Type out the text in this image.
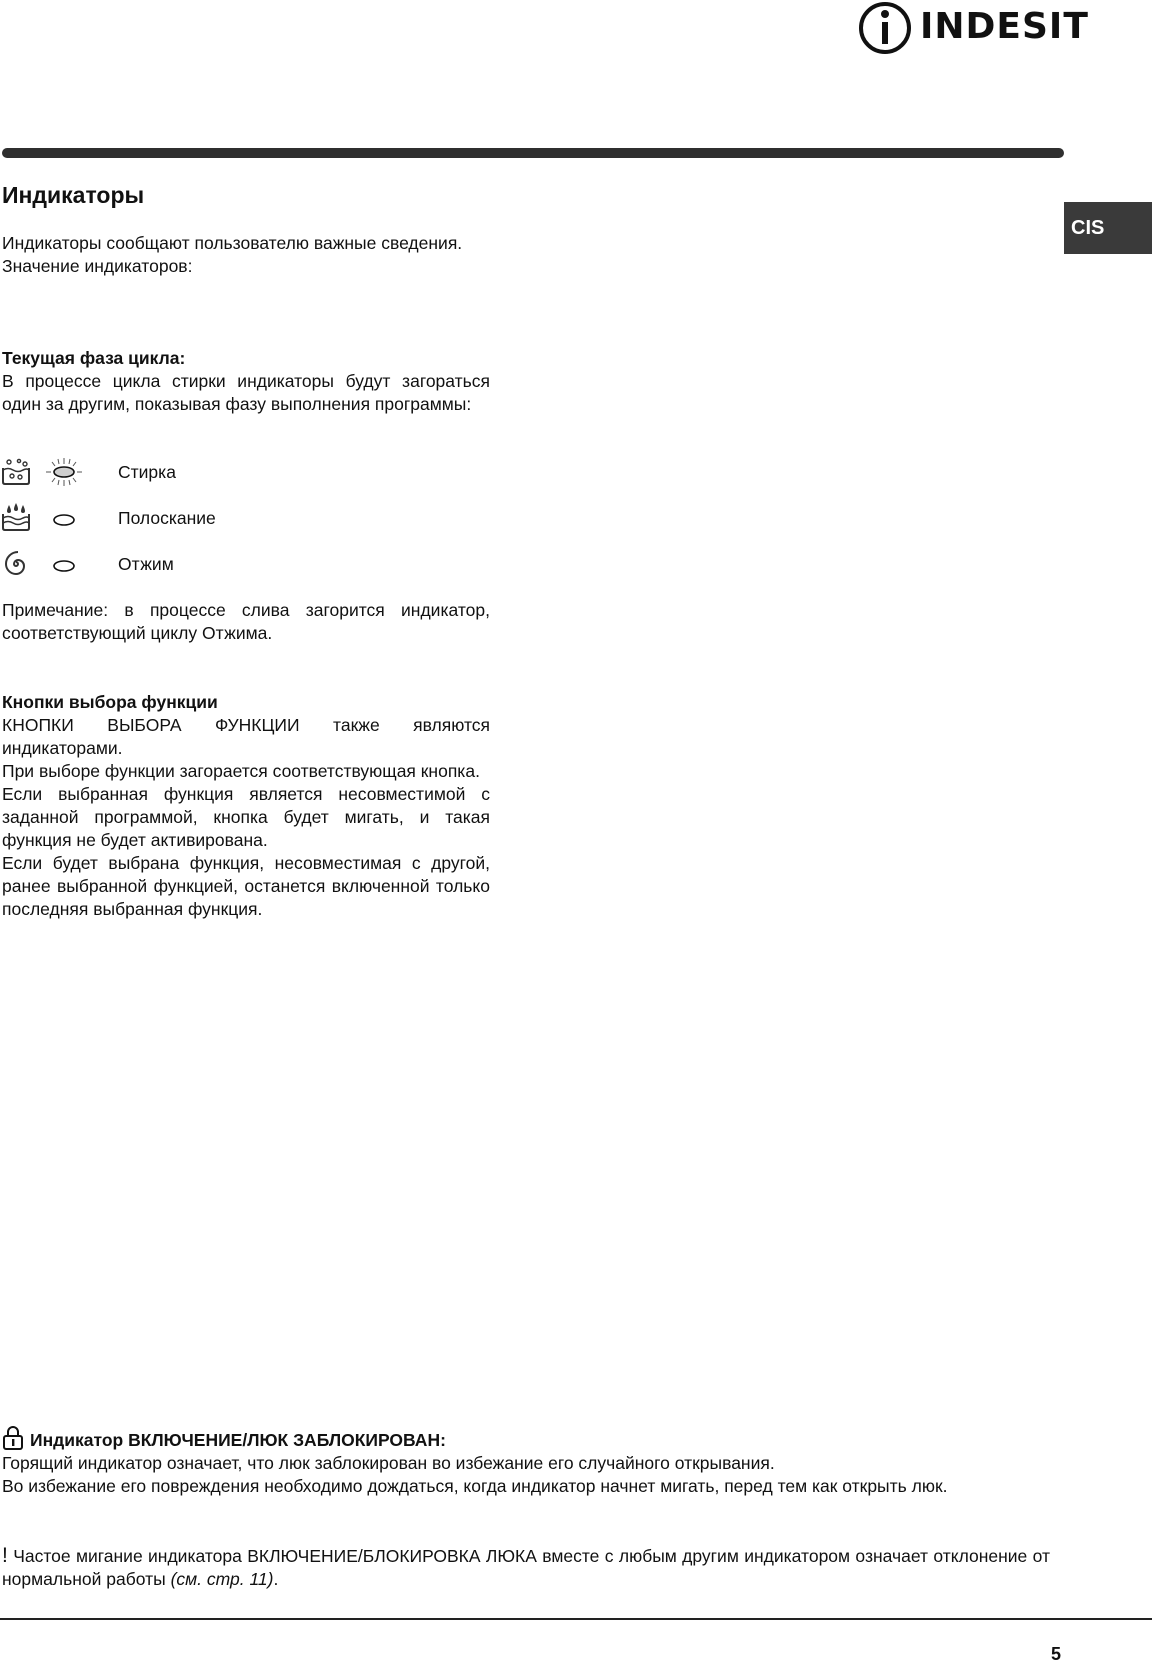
INDESIT
CIS
Индикаторы

Индикаторы сообщают пользователю важные сведения.

Значение индикаторов:

Текущая фаза цикла:

В процессе цикла стирки индикаторы будут загораться один за другим, показывая фазу выполнения программы:

Стирка
Полоскание
Отжим
Примечание: в процессе слива загорится индикатор, соответствующий циклу Отжима.

Кнопки выбора функции

КНОПКИ ВЫБОРА ФУНКЦИИ также являются индикаторами.

При выборе функции загорается соответствующая кнопка.

Если выбранная функция является несовместимой с заданной программой, кнопка будет мигать, и такая функция не будет активирована.

Если будет выбрана функция, несовместимая с другой, ранее выбранной функцией, останется включенной только последняя выбранная функция.

Индикатор ВКЛЮЧЕНИЕ/ЛЮК ЗАБЛОКИРОВАН:

Горящий индикатор означает, что люк заблокирован во избежание его случайного открывания.

Во избежание его повреждения необходимо дождаться, когда индикатор начнет мигать, перед тем как открыть люк.

! Частое мигание индикатора ВКЛЮЧЕНИЕ/БЛОКИРОВКА ЛЮКА вместе с любым другим индикатором означает отклонение от нормальной работы (см. стр. 11).
5
